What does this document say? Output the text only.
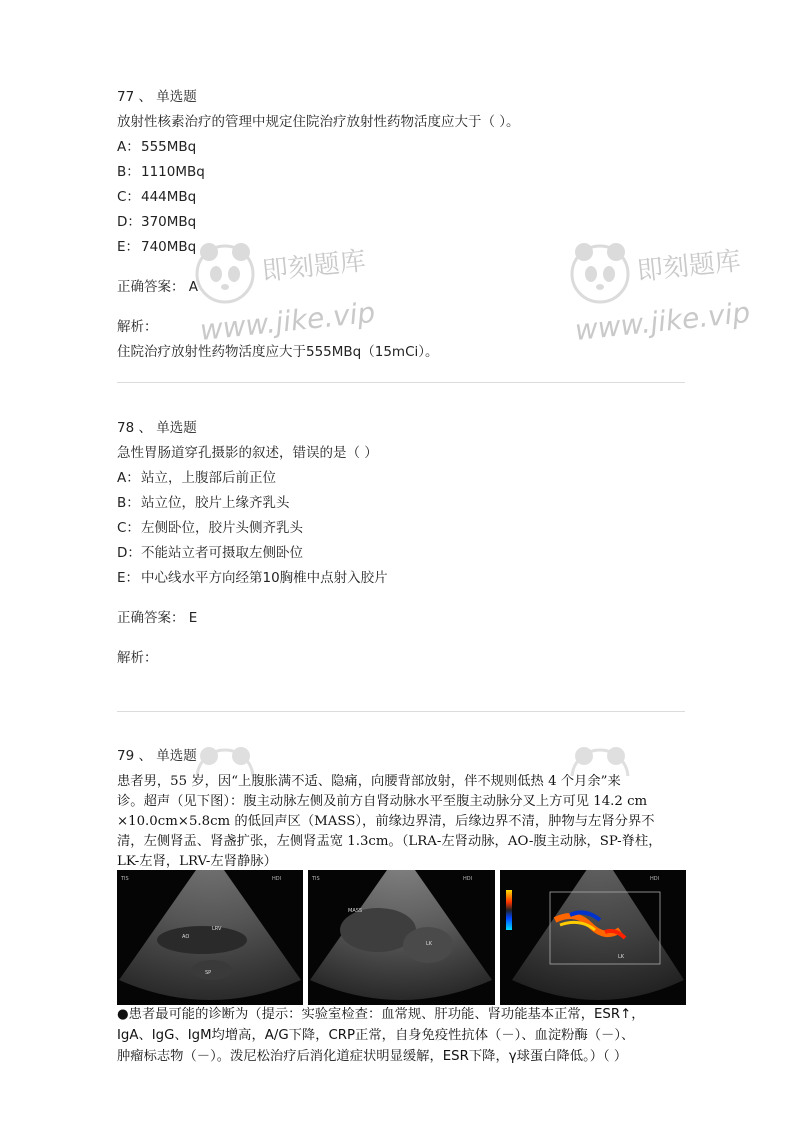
即刻题库
www.jike.vip
即刻题库
www.jike.vip
77 、 单选题
放射性核素治疗的管理中规定住院治疗放射性药物活度应大于（ ）。
A：555MBq
B：1110MBq
C：444MBq
D：370MBq
E： 740MBq
正确答案： A
解析：
住院治疗放射性药物活度应大于555MBq（15mCi）。
78 、 单选题
急性胃肠道穿孔摄影的叙述，错误的是（ ）
A：站立，上腹部后前正位
B：站立位，胶片上缘齐乳头
C：左侧卧位，胶片头侧齐乳头
D：不能站立者可摄取左侧卧位
E： 中心线水平方向经第10胸椎中点射入胶片
正确答案： E
解析：
79 、 单选题
患者男，55 岁，因“上腹胀满不适、隐痛，向腰背部放射，伴不规则低热 4 个月余”来
诊。超声（见下图）：腹主动脉左侧及前方自肾动脉水平至腹主动脉分叉上方可见 14.2 cm
×10.0cm×5.8cm 的低回声区（MASS），前缘边界清，后缘边界不清，肿物与左肾分界不
清，左侧肾盂、肾盏扩张，左侧肾盂宽 1.3cm。（LRA-左肾动脉，AO-腹主动脉，SP-脊柱，
LK-左肾，LRV-左肾静脉）
TIS	HDI
AO
LRV
SP
TIS	HDI
MASS
LK
HDI
LK
●患者最可能的诊断为（提示：实验室检查：血常规、肝功能、肾功能基本正常，ESR↑，
IgA、IgG、IgM均增高，A/G下降，CRP正常，自身免疫性抗体（－）、血淀粉酶（－）、
肿瘤标志物（－）。泼尼松治疗后消化道症状明显缓解，ESR下降，γ球蛋白降低。）（ ）
